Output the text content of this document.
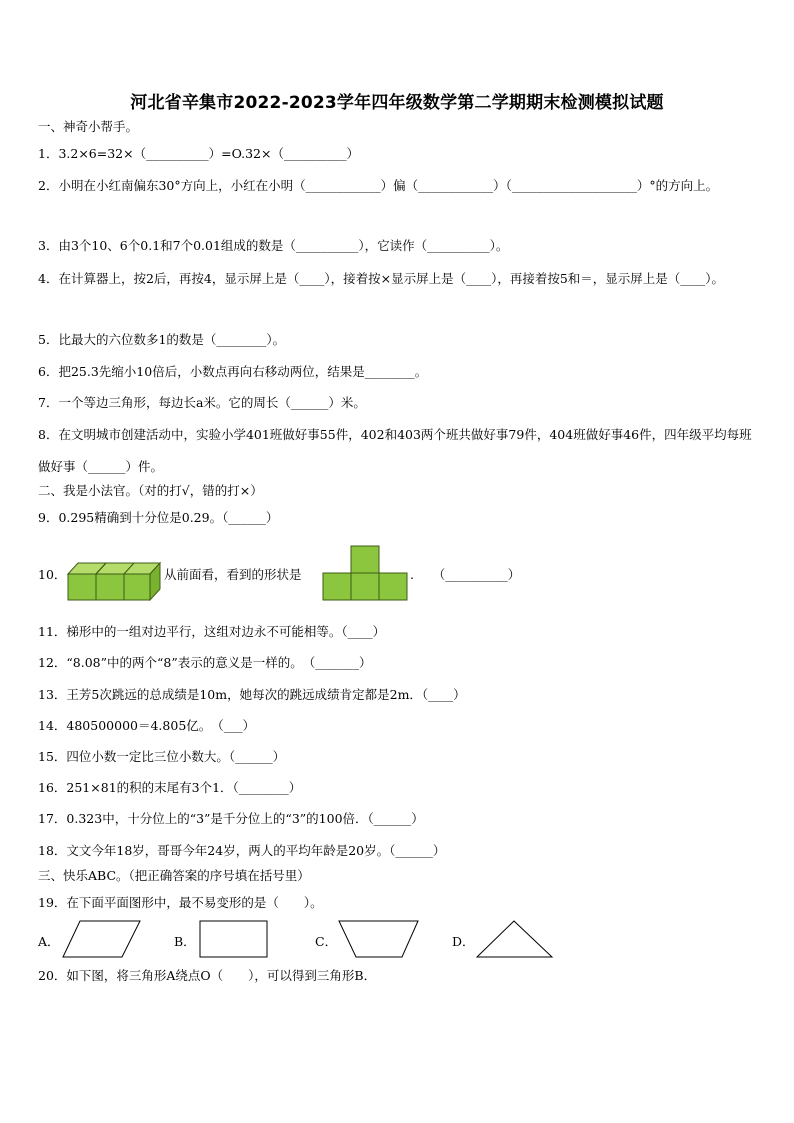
河北省辛集市2022-2023学年四年级数学第二学期期末检测模拟试题
一、神奇小帮手。
1．3.2×6=32×（__________）=O.32×（__________）
2．小明在小红南偏东30°方向上，小红在小明（____________）偏（____________）（____________________）°的方向上。
3．由3个10、6个0.1和7个0.01组成的数是（__________），它读作（__________）。
4．在计算器上，按2后，再按4，显示屏上是（____），接着按×显示屏上是（____），再接着按5和＝，显示屏上是（____）。
5．比最大的六位数多1的数是（________）。
6．把25.3先缩小10倍后，小数点再向右移动两位，结果是________。
7．一个等边三角形，每边长a米。它的周长（______）米。
8．在文明城市创建活动中，实验小学401班做好事55件，402和403两个班共做好事79件，404班做好事46件，四年级平均每班做好事（______）件。
二、我是小法官。（对的打√，错的打×）
9．0.295精确到十分位是0.29。（______）
10．	从前面看，看到的形状是	.　　（__________）
11．梯形中的一组对边平行，这组对边永不可能相等。（____）
12．“8.08”中的两个“8”表示的意义是一样的。　（_______）
13．王芳5次跳远的总成绩是10m，她每次的跳远成绩肯定都是2m．（____）
14．480500000＝4.805亿。　（___）
15．四位小数一定比三位小数大。（______）
16．251×81的积的末尾有3个1．（________）
17．0.323中，十分位上的“3”是千分位上的“3”的100倍．（______）
18．文文今年18岁，哥哥今年24岁，两人的平均年龄是20岁。（______）
三、快乐ABC。（把正确答案的序号填在括号里）
19．在下面平面图形中，最不易变形的是（　　）。
A．	B．	C．	D．
20．如下图，将三角形A绕点O（　　），可以得到三角形B．
